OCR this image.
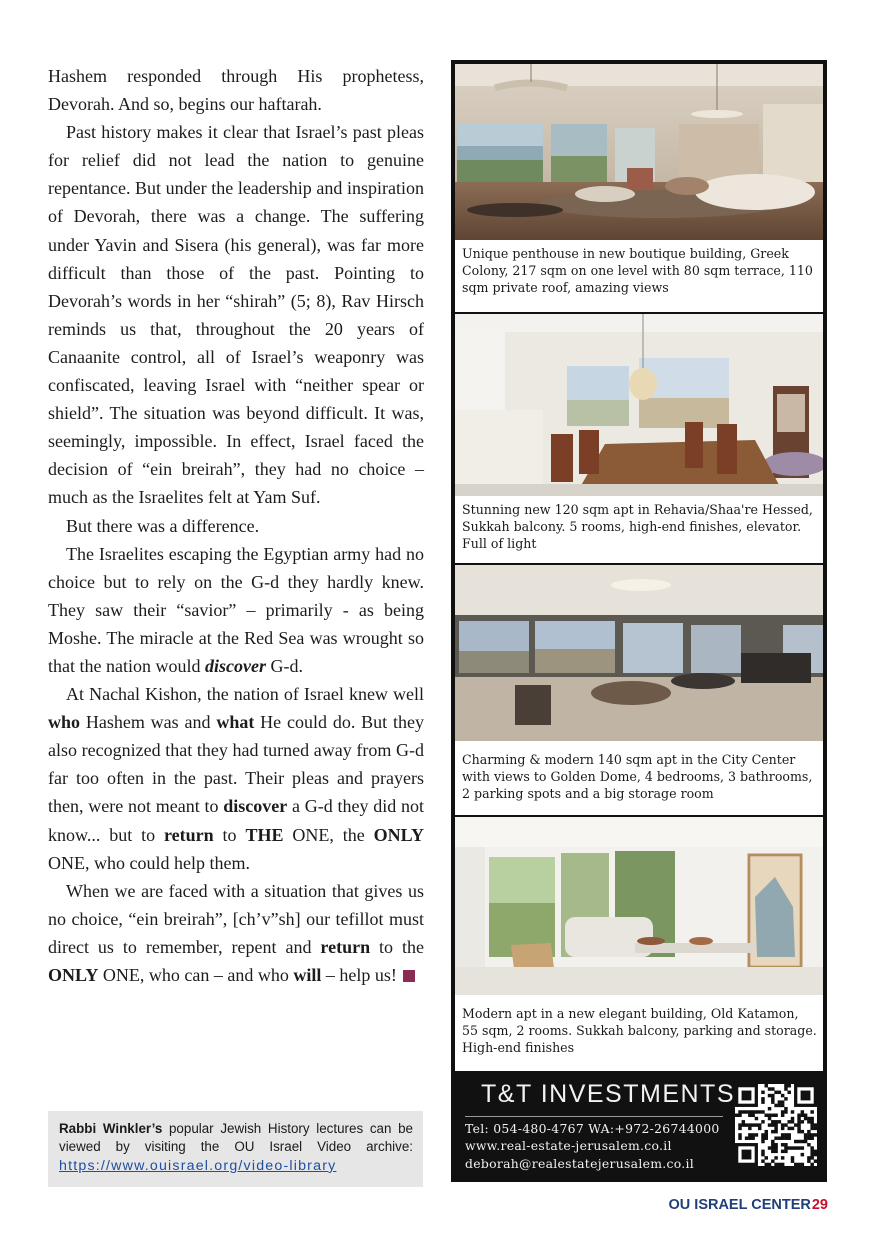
Hashem responded through His prophetess, Devorah. And so, begins our haftarah.

Past history makes it clear that Israel’s past pleas for relief did not lead the nation to genuine repentance. But under the leadership and inspiration of Devorah, there was a change. The suffering under Yavin and Sisera (his general), was far more difficult than those of the past. Pointing to Devorah’s words in her “shirah” (5; 8), Rav Hirsch reminds us that, throughout the 20 years of Canaanite control, all of Israel’s weaponry was confiscated, leaving Israel with “neither spear or shield”. The situation was beyond difficult. It was, seemingly, impossible. In effect, Israel faced the decision of “ein breirah”, they had no choice – much as the Israelites felt at Yam Suf.

But there was a difference.

The Israelites escaping the Egyptian army had no choice but to rely on the G-d they hardly knew. They saw their “savior” – primarily - as being Moshe. The miracle at the Red Sea was wrought so that the nation would discover G-d.

At Nachal Kishon, the nation of Israel knew well who Hashem was and what He could do. But they also recognized that they had turned away from G-d far too often in the past. Their pleas and prayers then, were not meant to discover a G-d they did not know... but to return to THE ONE, the ONLY ONE, who could help them.

When we are faced with a situation that gives us no choice, “ein breirah”, [ch’v”sh] our tefillot must direct us to remember, repent and return to the ONLY ONE, who can – and who will – help us!

Rabbi Winkler’s popular Jewish History lectures can be viewed by visiting the OU Israel Video archive: https://www.ouisrael.org/video-library
Unique penthouse in new boutique building, Greek Colony, 217 sqm on one level with 80 sqm terrace, 110 sqm private roof, amazing views
Stunning new 120 sqm apt in Rehavia/Shaa're Hessed, Sukkah balcony. 5 rooms, high-end finishes, elevator. Full of light
Charming & modern 140 sqm apt in the City Center with views to Golden Dome, 4 bedrooms, 3 bathrooms, 2 parking spots and a big storage room
Modern apt in a new elegant building, Old Katamon, 55 sqm, 2 rooms. Sukkah balcony, parking and storage. High-end finishes
T&T INVESTMENTS
Tel: 054-480-4767 WA:+972-26744000
www.real-estate-jerusalem.co.il
deborah@realestatejerusalem.co.il
OU ISRAEL CENTER29
